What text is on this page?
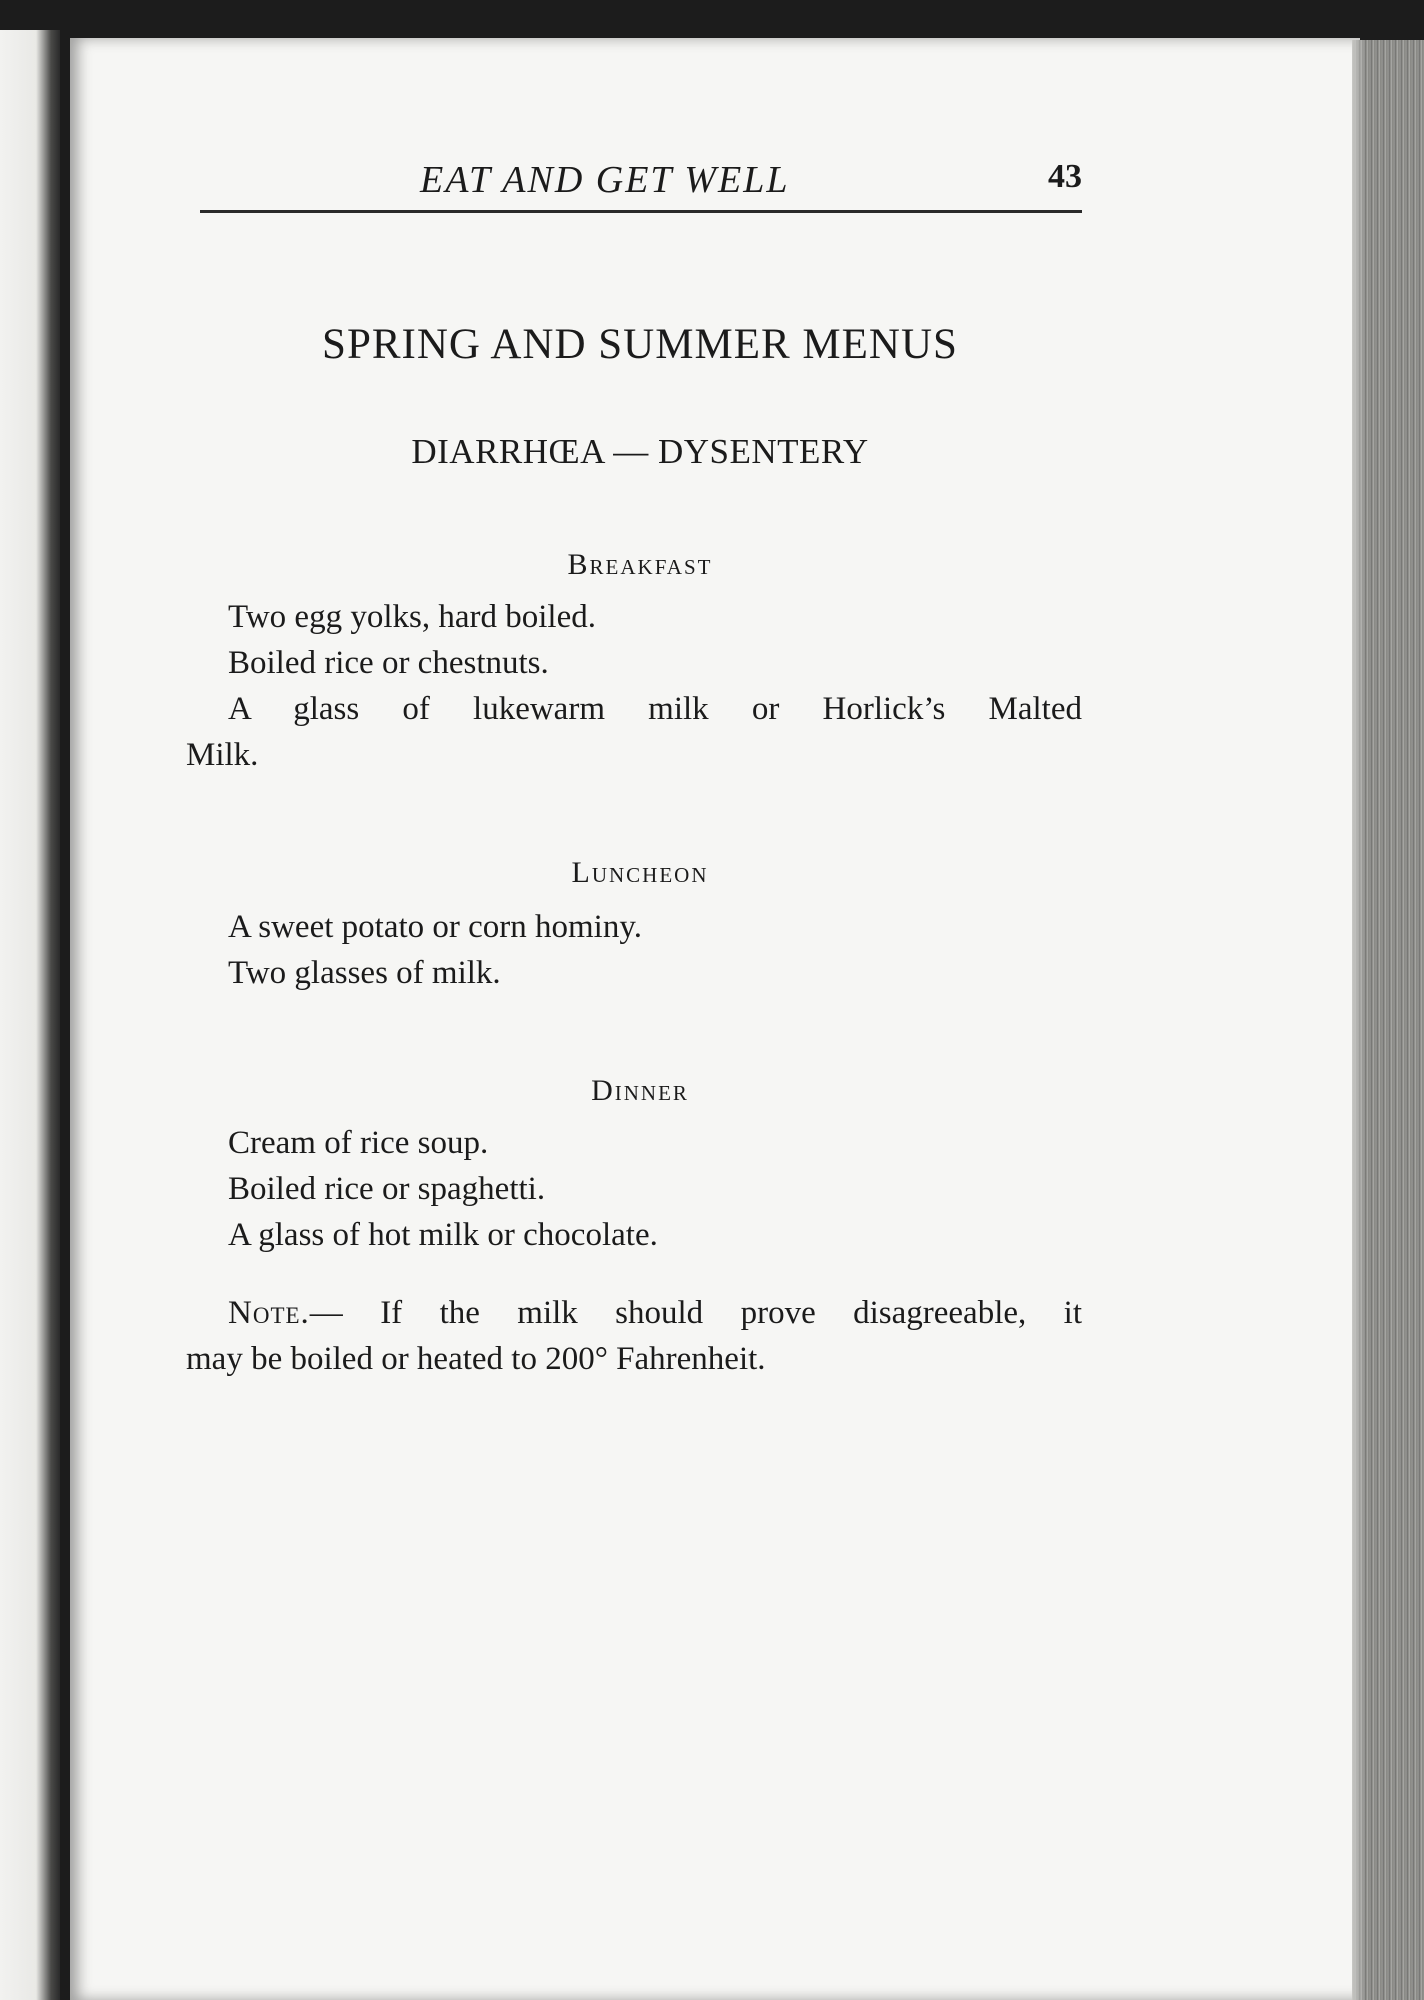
EAT AND GET WELL	43
SPRING AND SUMMER MENUS
DIARRHŒA — DYSENTERY
Breakfast
Two egg yolks, hard boiled.
Boiled rice or chestnuts.
A glass of lukewarm milk or Horlick’s Malted
Milk.
Luncheon
A sweet potato or corn hominy.
Two glasses of milk.
Dinner
Cream of rice soup.
Boiled rice or spaghetti.
A glass of hot milk or chocolate.
Note.— If the milk should prove disagreeable, it
may be boiled or heated to 200° Fahrenheit.
